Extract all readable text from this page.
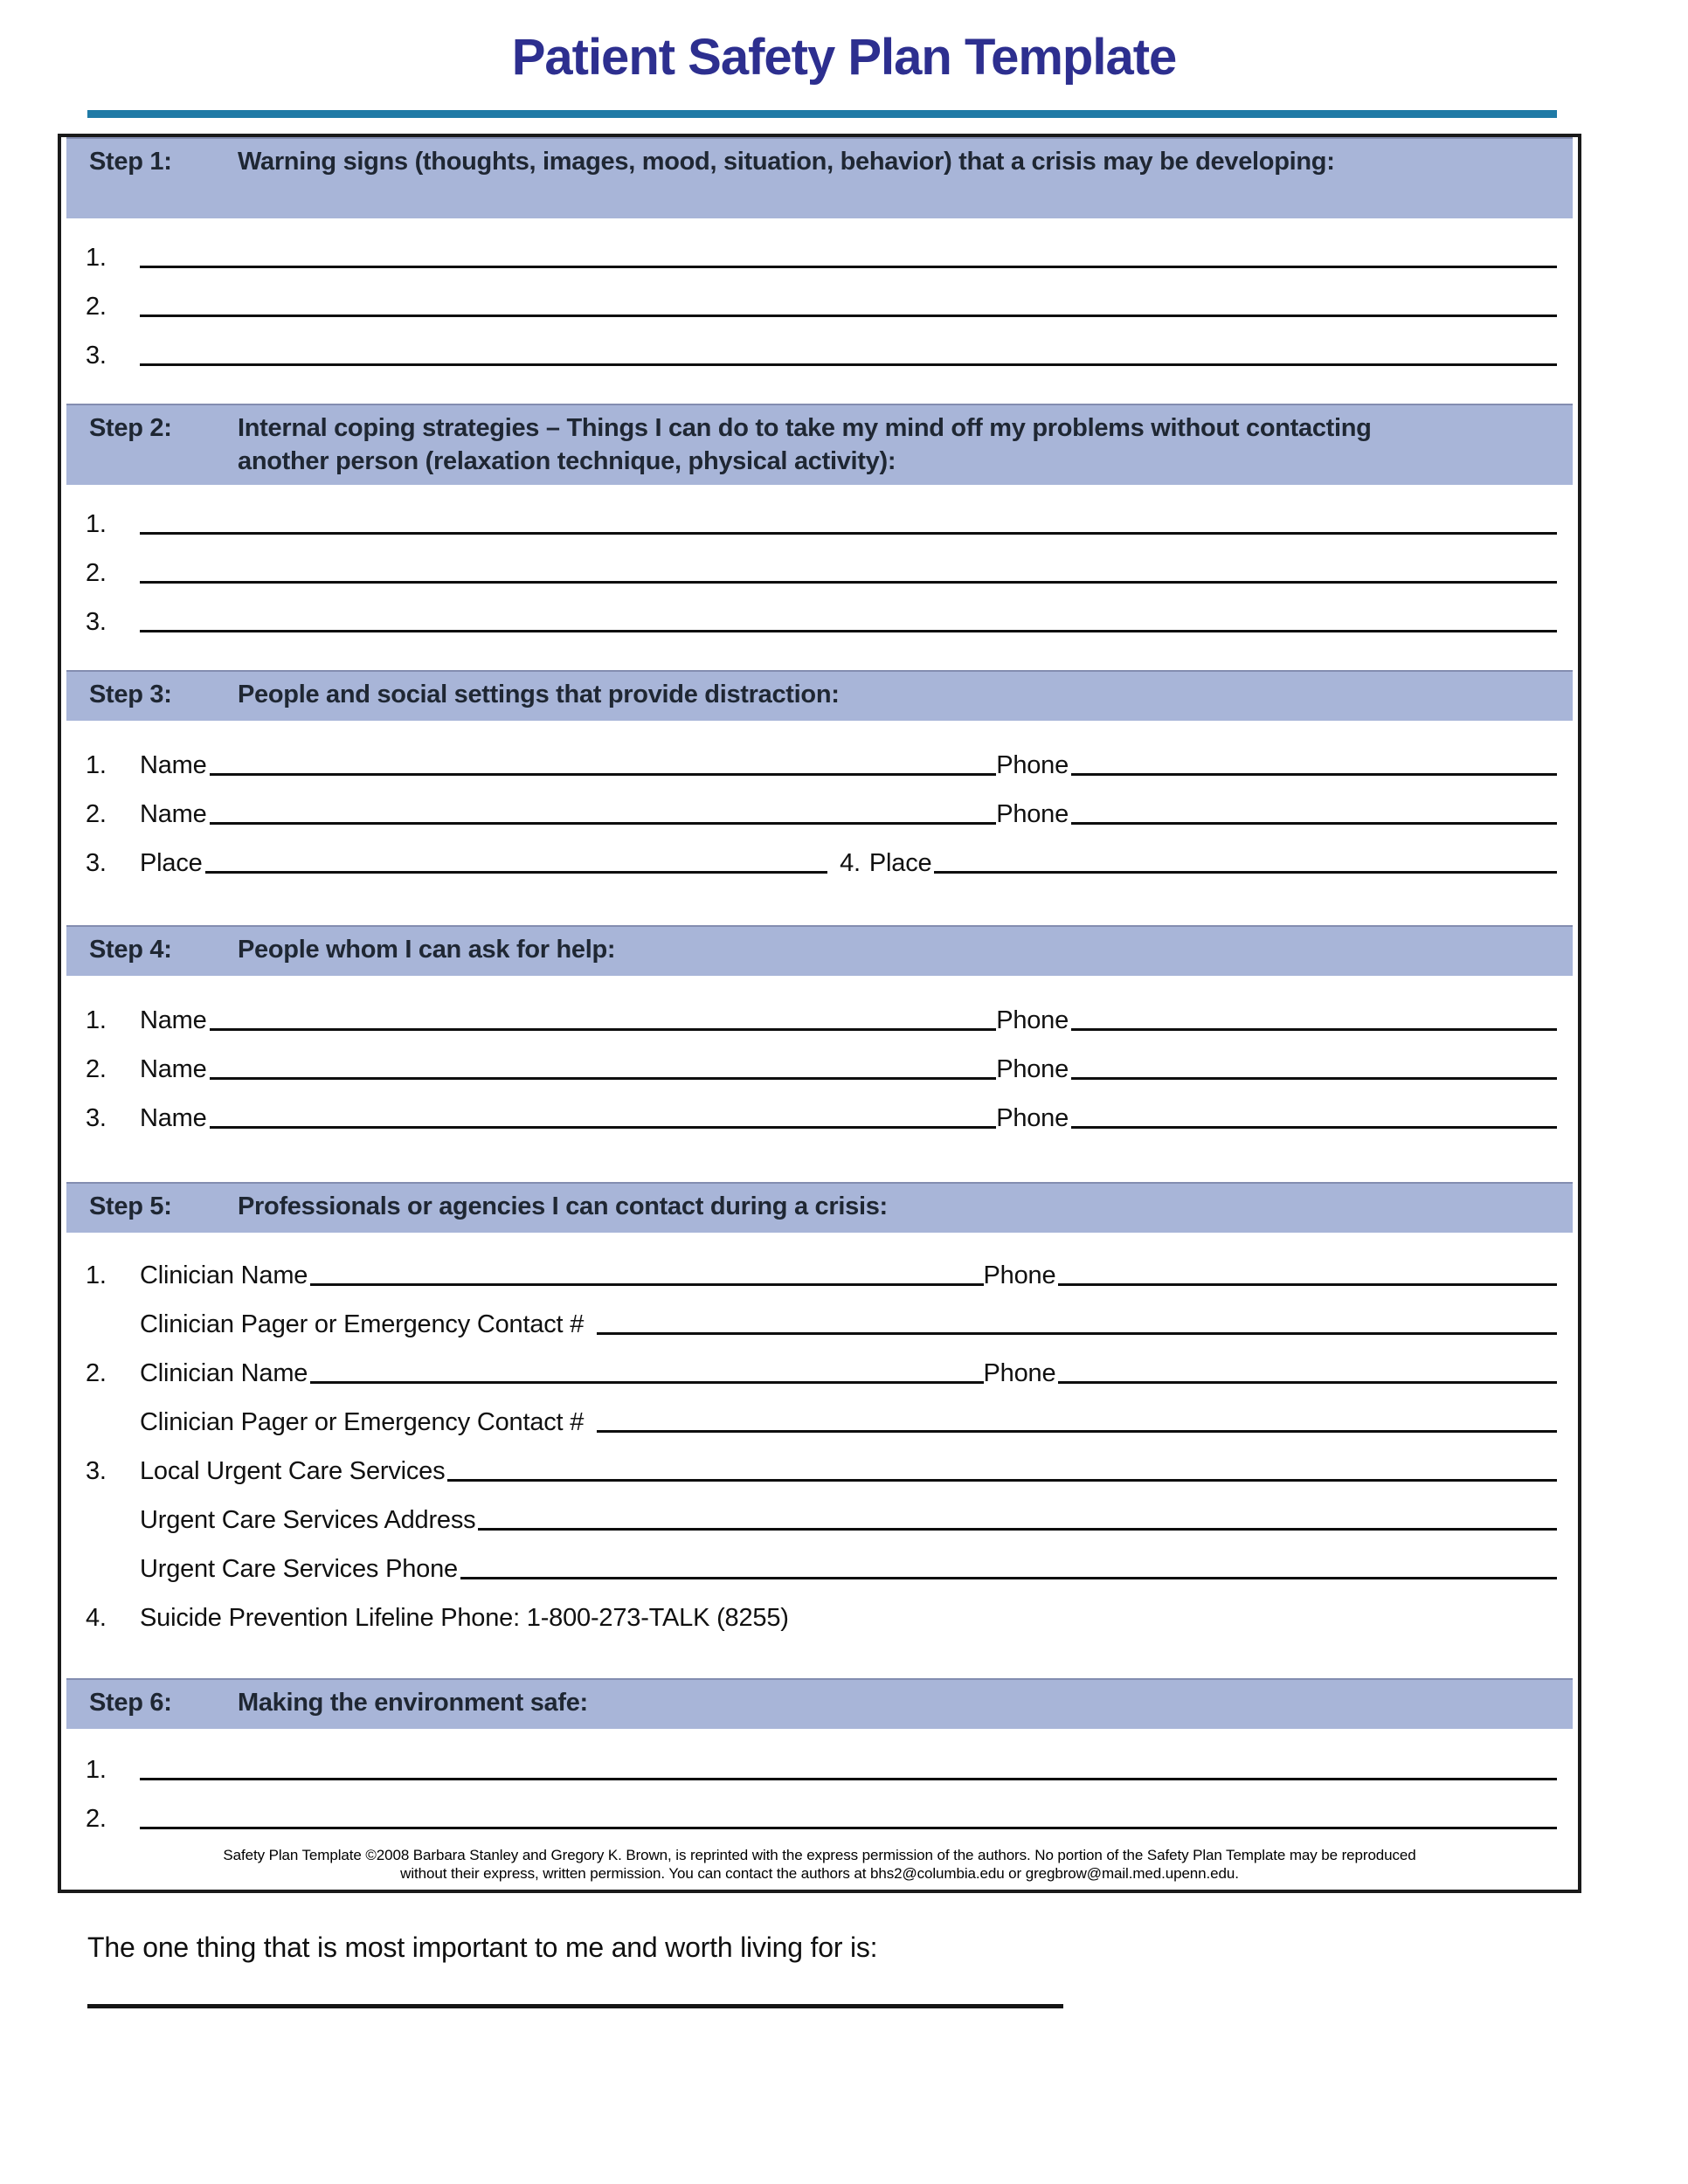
Patient Safety Plan Template
Step 1:	Warning signs (thoughts, images, mood, situation, behavior) that a crisis may be developing:
1.
2.
3.
Step 2:	Internal coping strategies – Things I can do to take my mind off my problems without contacting another person (relaxation technique, physical activity):
1.
2.
3.
Step 3:	People and social settings that provide distraction:
1.	Name	Phone
2.	Name	Phone
3.	Place	4. Place
Step 4:	People whom I can ask for help:
1.	Name	Phone
2.	Name	Phone
3.	Name	Phone
Step 5:	Professionals or agencies I can contact during a crisis:
1.	Clinician Name	Phone
Clinician Pager or Emergency Contact #
2.	Clinician Name	Phone
Clinician Pager or Emergency Contact #
3.	Local Urgent Care Services
Urgent Care Services Address
Urgent Care Services Phone
4.	Suicide Prevention Lifeline Phone: 1-800-273-TALK (8255)
Step 6:	Making the environment safe:
1.
2.

Safety Plan Template ©2008 Barbara Stanley and Gregory K. Brown, is reprinted with the express permission of the authors. No portion of the Safety Plan Template may be reproduced without their express, written permission. You can contact the authors at bhs2@columbia.edu or gregbrow@mail.med.upenn.edu.

The one thing that is most important to me and worth living for is:
